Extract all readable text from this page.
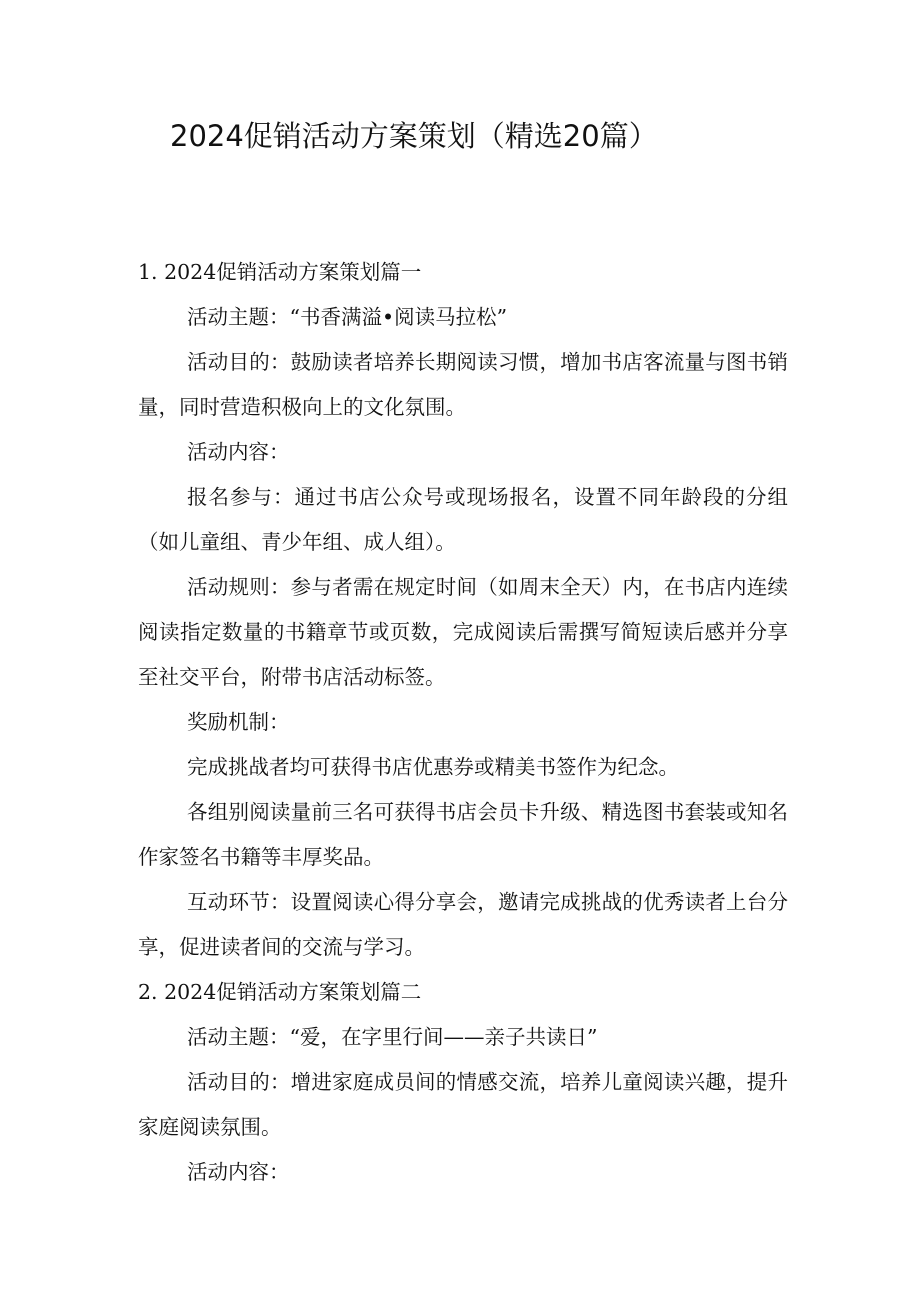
2024促销活动方案策划（精选20篇）

1. 2024促销活动方案策划篇一

活动主题：“书香满溢•阅读马拉松”

活动目的：鼓励读者培养长期阅读习惯，增加书店客流量与图书销量，同时营造积极向上的文化氛围。

活动内容：

报名参与：通过书店公众号或现场报名，设置不同年龄段的分组（如儿童组、青少年组、成人组）。

活动规则：参与者需在规定时间（如周末全天）内，在书店内连续阅读指定数量的书籍章节或页数，完成阅读后需撰写简短读后感并分享至社交平台，附带书店活动标签。

奖励机制：

完成挑战者均可获得书店优惠券或精美书签作为纪念。

各组别阅读量前三名可获得书店会员卡升级、精选图书套装或知名作家签名书籍等丰厚奖品。

互动环节：设置阅读心得分享会，邀请完成挑战的优秀读者上台分享，促进读者间的交流与学习。

2. 2024促销活动方案策划篇二

活动主题：“爱，在字里行间——亲子共读日”

活动目的：增进家庭成员间的情感交流，培养儿童阅读兴趣，提升家庭阅读氛围。

活动内容：
